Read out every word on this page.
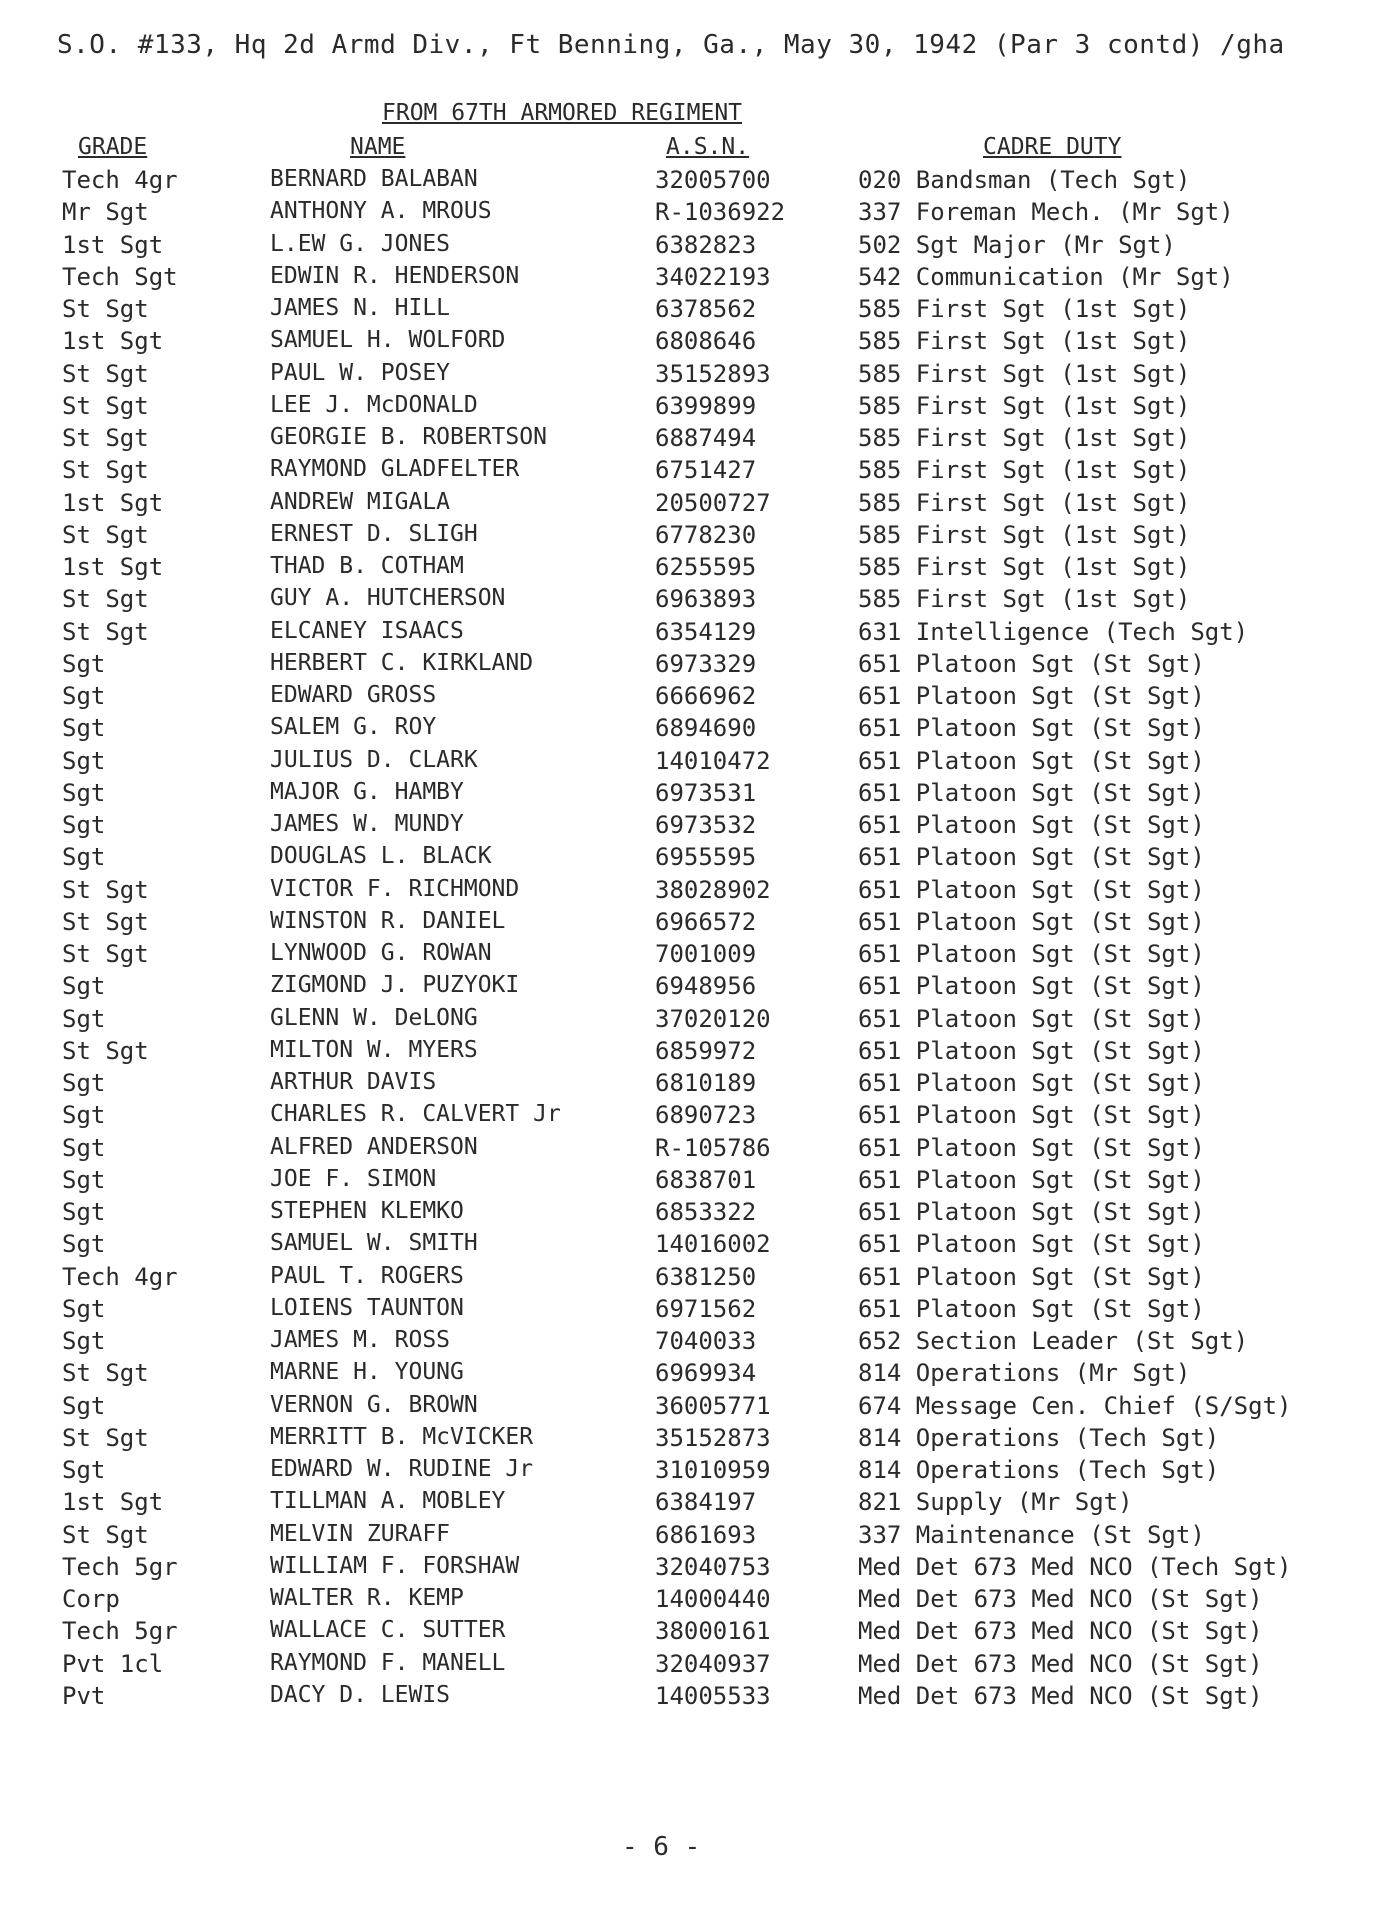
S.O. #133, Hq 2d Armd Div., Ft Benning, Ga., May 30, 1942 (Par 3 contd) /gha
FROM 67TH ARMORED REGIMENT
GRADE	NAME	A.S.N.	CADRE DUTY
Tech 4gr	BERNARD BALABAN	32005700	020 Bandsman (Tech Sgt)
Mr Sgt	ANTHONY A. MROUS	R-1036922	337 Foreman Mech. (Mr Sgt)
1st Sgt	L.EW G. JONES	6382823	502 Sgt Major (Mr Sgt)
Tech Sgt	EDWIN R. HENDERSON	34022193	542 Communication (Mr Sgt)
St Sgt	JAMES N. HILL	6378562	585 First Sgt (1st Sgt)
1st Sgt	SAMUEL H. WOLFORD	6808646	585 First Sgt (1st Sgt)
St Sgt	PAUL W. POSEY	35152893	585 First Sgt (1st Sgt)
St Sgt	LEE J. McDONALD	6399899	585 First Sgt (1st Sgt)
St Sgt	GEORGIE B. ROBERTSON	6887494	585 First Sgt (1st Sgt)
St Sgt	RAYMOND GLADFELTER	6751427	585 First Sgt (1st Sgt)
1st Sgt	ANDREW MIGALA	20500727	585 First Sgt (1st Sgt)
St Sgt	ERNEST D. SLIGH	6778230	585 First Sgt (1st Sgt)
1st Sgt	THAD B. COTHAM	6255595	585 First Sgt (1st Sgt)
St Sgt	GUY A. HUTCHERSON	6963893	585 First Sgt (1st Sgt)
St Sgt	ELCANEY ISAACS	6354129	631 Intelligence (Tech Sgt)
Sgt	HERBERT C. KIRKLAND	6973329	651 Platoon Sgt (St Sgt)
Sgt	EDWARD GROSS	6666962	651 Platoon Sgt (St Sgt)
Sgt	SALEM G. ROY	6894690	651 Platoon Sgt (St Sgt)
Sgt	JULIUS D. CLARK	14010472	651 Platoon Sgt (St Sgt)
Sgt	MAJOR G. HAMBY	6973531	651 Platoon Sgt (St Sgt)
Sgt	JAMES W. MUNDY	6973532	651 Platoon Sgt (St Sgt)
Sgt	DOUGLAS L. BLACK	6955595	651 Platoon Sgt (St Sgt)
St Sgt	VICTOR F. RICHMOND	38028902	651 Platoon Sgt (St Sgt)
St Sgt	WINSTON R. DANIEL	6966572	651 Platoon Sgt (St Sgt)
St Sgt	LYNWOOD G. ROWAN	7001009	651 Platoon Sgt (St Sgt)
Sgt	ZIGMOND J. PUZYOKI	6948956	651 Platoon Sgt (St Sgt)
Sgt	GLENN W. DeLONG	37020120	651 Platoon Sgt (St Sgt)
St Sgt	MILTON W. MYERS	6859972	651 Platoon Sgt (St Sgt)
Sgt	ARTHUR DAVIS	6810189	651 Platoon Sgt (St Sgt)
Sgt	CHARLES R. CALVERT Jr	6890723	651 Platoon Sgt (St Sgt)
Sgt	ALFRED ANDERSON	R-105786	651 Platoon Sgt (St Sgt)
Sgt	JOE F. SIMON	6838701	651 Platoon Sgt (St Sgt)
Sgt	STEPHEN KLEMKO	6853322	651 Platoon Sgt (St Sgt)
Sgt	SAMUEL W. SMITH	14016002	651 Platoon Sgt (St Sgt)
Tech 4gr	PAUL T. ROGERS	6381250	651 Platoon Sgt (St Sgt)
Sgt	LOIENS TAUNTON	6971562	651 Platoon Sgt (St Sgt)
Sgt	JAMES M. ROSS	7040033	652 Section Leader (St Sgt)
St Sgt	MARNE H. YOUNG	6969934	814 Operations (Mr Sgt)
Sgt	VERNON G. BROWN	36005771	674 Message Cen. Chief (S/Sgt)
St Sgt	MERRITT B. McVICKER	35152873	814 Operations (Tech Sgt)
Sgt	EDWARD W. RUDINE Jr	31010959	814 Operations (Tech Sgt)
1st Sgt	TILLMAN A. MOBLEY	6384197	821 Supply (Mr Sgt)
St Sgt	MELVIN ZURAFF	6861693	337 Maintenance (St Sgt)
Tech 5gr	WILLIAM F. FORSHAW	32040753	Med Det 673 Med NCO (Tech Sgt)
Corp	WALTER R. KEMP	14000440	Med Det 673 Med NCO (St Sgt)
Tech 5gr	WALLACE C. SUTTER	38000161	Med Det 673 Med NCO (St Sgt)
Pvt 1cl	RAYMOND F. MANELL	32040937	Med Det 673 Med NCO (St Sgt)
Pvt	DACY D. LEWIS	14005533	Med Det 673 Med NCO (St Sgt)
- 6 -
